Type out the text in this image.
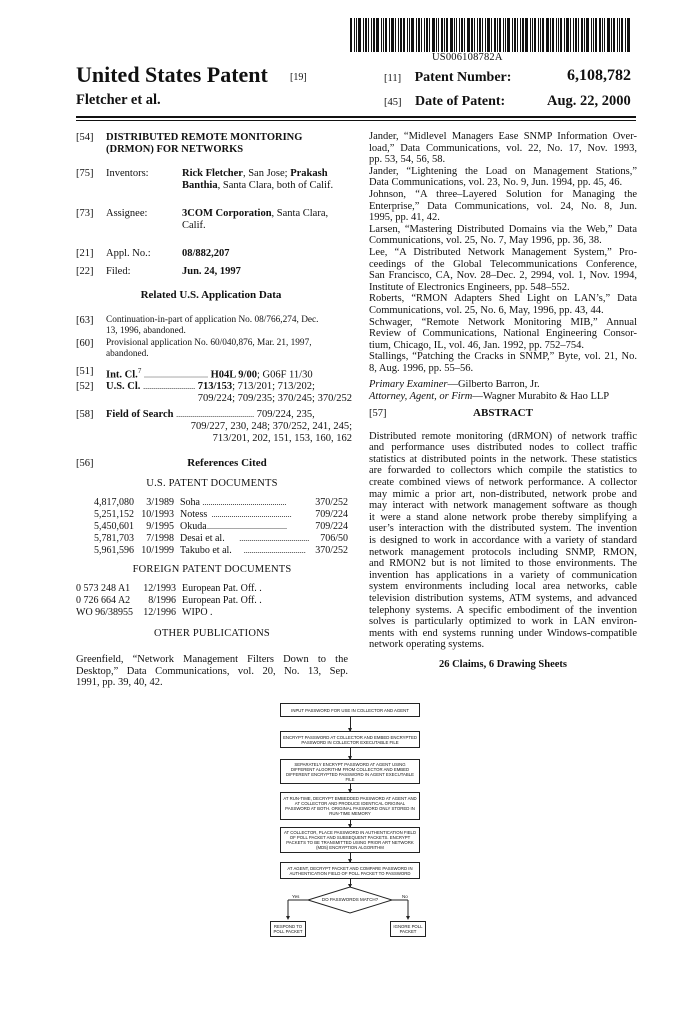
US006108782A
United States Patent [19]
Fletcher et al.
[11] Patent Number:	6,108,782
[45] Date of Patent:	Aug. 22, 2000
[54] DISTRIBUTED REMOTE MONITORING
(DRMON) FOR NETWORKS
[75] Inventors:	Rick Fletcher, San Jose; Prakash
Banthia, Santa Clara, both of Calif.
[73] Assignee:	3COM Corporation, Santa Clara,
Calif.
[21] Appl. No.:	08/882,207
[22] Filed:	Jun. 24, 1997
Related U.S. Application Data
[63] Continuation-in-part of application No. 08/766,274, Dec.
13, 1996, abandoned.
[60] Provisional application No. 60/040,876, Mar. 21, 1997,
abandoned.
[51] Int. Cl.$^7$ ................................ H04L 9/00; G06F 11/30
[52] U.S. Cl. .......................... 713/153; 713/201; 713/202;
709/224; 709/235; 370/245; 370/252
[58] Field of Search ....................................... 709/224, 235,
709/227, 230, 248; 370/252, 241, 245;
713/201, 202, 151, 153, 160, 162
[56]	References Cited
U.S. PATENT DOCUMENTS
4,817,080	3/1989 Soha	370/252
..........................................
5,251,152 10/1993 Notess	709/224
........................................
5,450,601	9/1995 Okuda	709/224
........................................
5,781,703	7/1998 Desai et al.	706/50
...................................
5,961,596 10/1999 Takubo et al.	370/252
...............................
FOREIGN PATENT DOCUMENTS
0 573 248 A1	12/1993 European Pat. Off. .
0 726 664 A2	8/1996 European Pat. Off. .
WO 96/38955	12/1996 WIPO .
OTHER PUBLICATIONS
Greenfield, “Network Management Filters Down to the
Desktop,” Data Communications, vol. 20, No. 13, Sep.
1991, pp. 39, 40, 42.
Jander, “Midlevel Managers Ease SNMP Information Over-
load,” Data Communications, vol. 22, No. 17, Nov. 1993,
pp. 53, 54, 56, 58.
Jander, “Lightening the Load on Management Stations,”
Data Communications, vol. 23, No. 9, Jun. 1994, pp. 45, 46.
Johnson, “A three–Layered Solution for Managing the
Enterprise,” Data Communications, vol. 24, No. 8, Jun.
1995, pp. 41, 42.
Larsen, “Mastering Distributed Domains via the Web,” Data
Communications, vol. 25, No. 7, May 1996, pp. 36, 38.
Lee, “A Distributed Network Management System,” Pro-
ceedings of the Global Telecommunications Conference,
San Francisco, CA, Nov. 28–Dec. 2, 2994, vol. 1, Nov. 1994,
Institute of Electronics Engineers, pp. 548–552.
Roberts, “RMON Adapters Shed Light on LAN’s,” Data
Communications, vol. 25, No. 6, May, 1996, pp. 43, 44.
Schwager, “Remote Network Monitoring MIB,” Annual
Review of Communications, National Engineering Consor-
tium, Chicago, IL, vol. 46, Jan. 1992, pp. 752–754.
Stallings, “Patching the Cracks in SNMP,” Byte, vol. 21, No.
8, Aug. 1996, pp. 55–56.
Primary Examiner—Gilberto Barron, Jr.
Attorney, Agent, or Firm—Wagner Murabito & Hao LLP
[57]	ABSTRACT
Distributed remote monitoring (dRMON) of network traffic
and performance uses distributed nodes to collect traffic
statistics at distributed points in the network. These statistics
are forwarded to collectors which compile the statistics to
create combined views of network performance. A collector
may mimic a prior art, non-distributed, network probe and
may interact with network management software as though
it were a stand alone network probe thereby simplifying a
user’s interaction with the distributed system. The invention
is designed to work in accordance with a variety of standard
network management protocols including SNMP, RMON,
and RMON2 but is not limited to those environments. The
invention has applications in a variety of communication
system environments including local area networks, cable
television distribution systems, ATM systems, and advanced
telephony systems. A specific embodiment of the invention
solves is particularly optimized to work in LAN environ-
ments with end systems running under Windows-compatible
network operating systems.
26 Claims, 6 Drawing Sheets
INPUT PASSWORD FOR USE IN COLLECTOR AND AGENT
ENCRYPT PASSWORD AT COLLECTOR AND EMBED ENCRYPTED PASSWORD IN COLLECTOR EXECUTABLE FILE
SEPARATELY ENCRYPT PASSWORD AT AGENT USING DIFFERENT ALGORITHM FROM COLLECTOR AND EMBED DIFFERENT ENCRYPTED PASSWORD IN AGENT EXECUTABLE FILE
AT RUN-TIME, DECRYPT EMBEDDED PASSWORD AT AGENT AND AT COLLECTOR AND PRODUCE IDENTICAL ORIGINAL PASSWORD AT BOTH. ORIGINAL PASSWORD ONLY STORED IN RUN-TIME MEMORY
AT COLLECTOR, PLACE PASSWORD IN AUTHENTICATION FIELD OF POLL PACKET AND SUBSEQUENT PACKETS. ENCRYPT PACKETS TO BE TRANSMITTED USING PRIOR ART NETWORK (MD5) ENCRYPTION ALGORITHM
AT AGENT, DECRYPT PACKET AND COMPARE PASSWORD IN AUTHENTICATION FIELD OF POLL PACKET TO PASSWORD
DO PASSWORDS MATCH?
Yes	No
RESPOND TO POLL PACKET
IGNORE POLL PACKET
